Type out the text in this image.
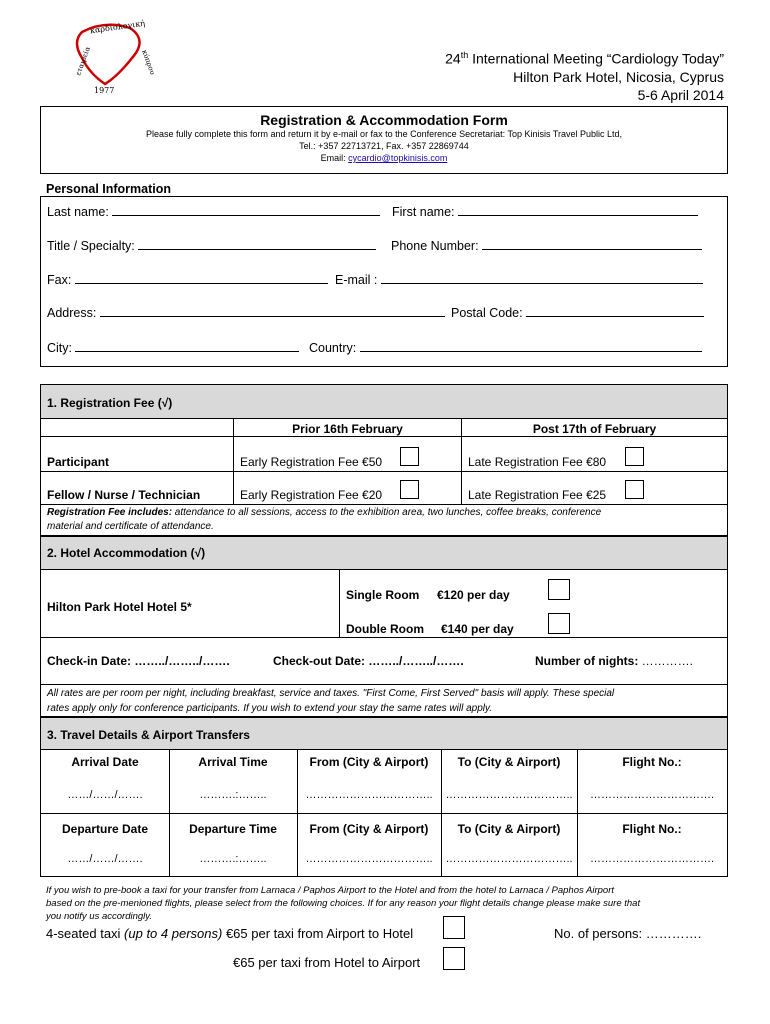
καρδιολογική
εταιρεία	κύπρου
1977
24th International Meeting “Cardiology Today”
Hilton Park Hotel, Nicosia, Cyprus
5-6 April 2014
Registration & Accommodation Form
Please fully complete this form and return it by e-mail or fax to the Conference Secretariat: Top Kinisis Travel Public Ltd,
Tel.: +357 22713721, Fax. +357 22869744
Email: cycardio@topkinisis.com
Personal Information
Last name:	First name:
Title / Specialty:	Phone Number:
Fax:	E-mail :
Address:	Postal Code:
City:	Country:
1. Registration Fee (√)
Prior 16th February	Post 17th of February
Participant	Early Registration Fee €50	Late Registration Fee €80
Fellow / Nurse / Technician	Early Registration Fee €20	Late Registration Fee €25
Registration Fee includes: attendance to all sessions, access to the exhibition area, two lunches, coffee breaks, conference
material and certificate of attendance.
2. Hotel Accommodation (√)
Hilton Park Hotel Hotel 5*
Single Room €120 per day
Double Room €140 per day
Check-in Date: ……../……../…….	Check-out Date: ……../……../…….	Number of nights: ………….
All rates are per room per night, including breakfast, service and taxes. "First Come, First Served" basis will apply. These special
rates apply only for conference participants. If you wish to extend your stay the same rates will apply.
3. Travel Details & Airport Transfers
Arrival Date	Arrival Time	From (City & Airport)	To (City & Airport)	Flight No.:
……/……/…….	……….:……..	……………………………..	……………………………..	…………………………….
Departure Date	Departure Time	From (City & Airport)	To (City & Airport)	Flight No.:
……/……/…….	……….:……..	……………………………..	……………………………..	…………………………….
If you wish to pre-book a taxi for your transfer from Larnaca / Paphos Airport to the Hotel and from the hotel to Larnaca / Paphos Airport
based on the pre-menioned flights, please select from the following choices. If for any reason your flight details change please make sure that
you notify us accordingly.
4-seated taxi (up to 4 persons) €65 per taxi from Airport to Hotel	No. of persons: ………….
€65 per taxi from Hotel to Airport
